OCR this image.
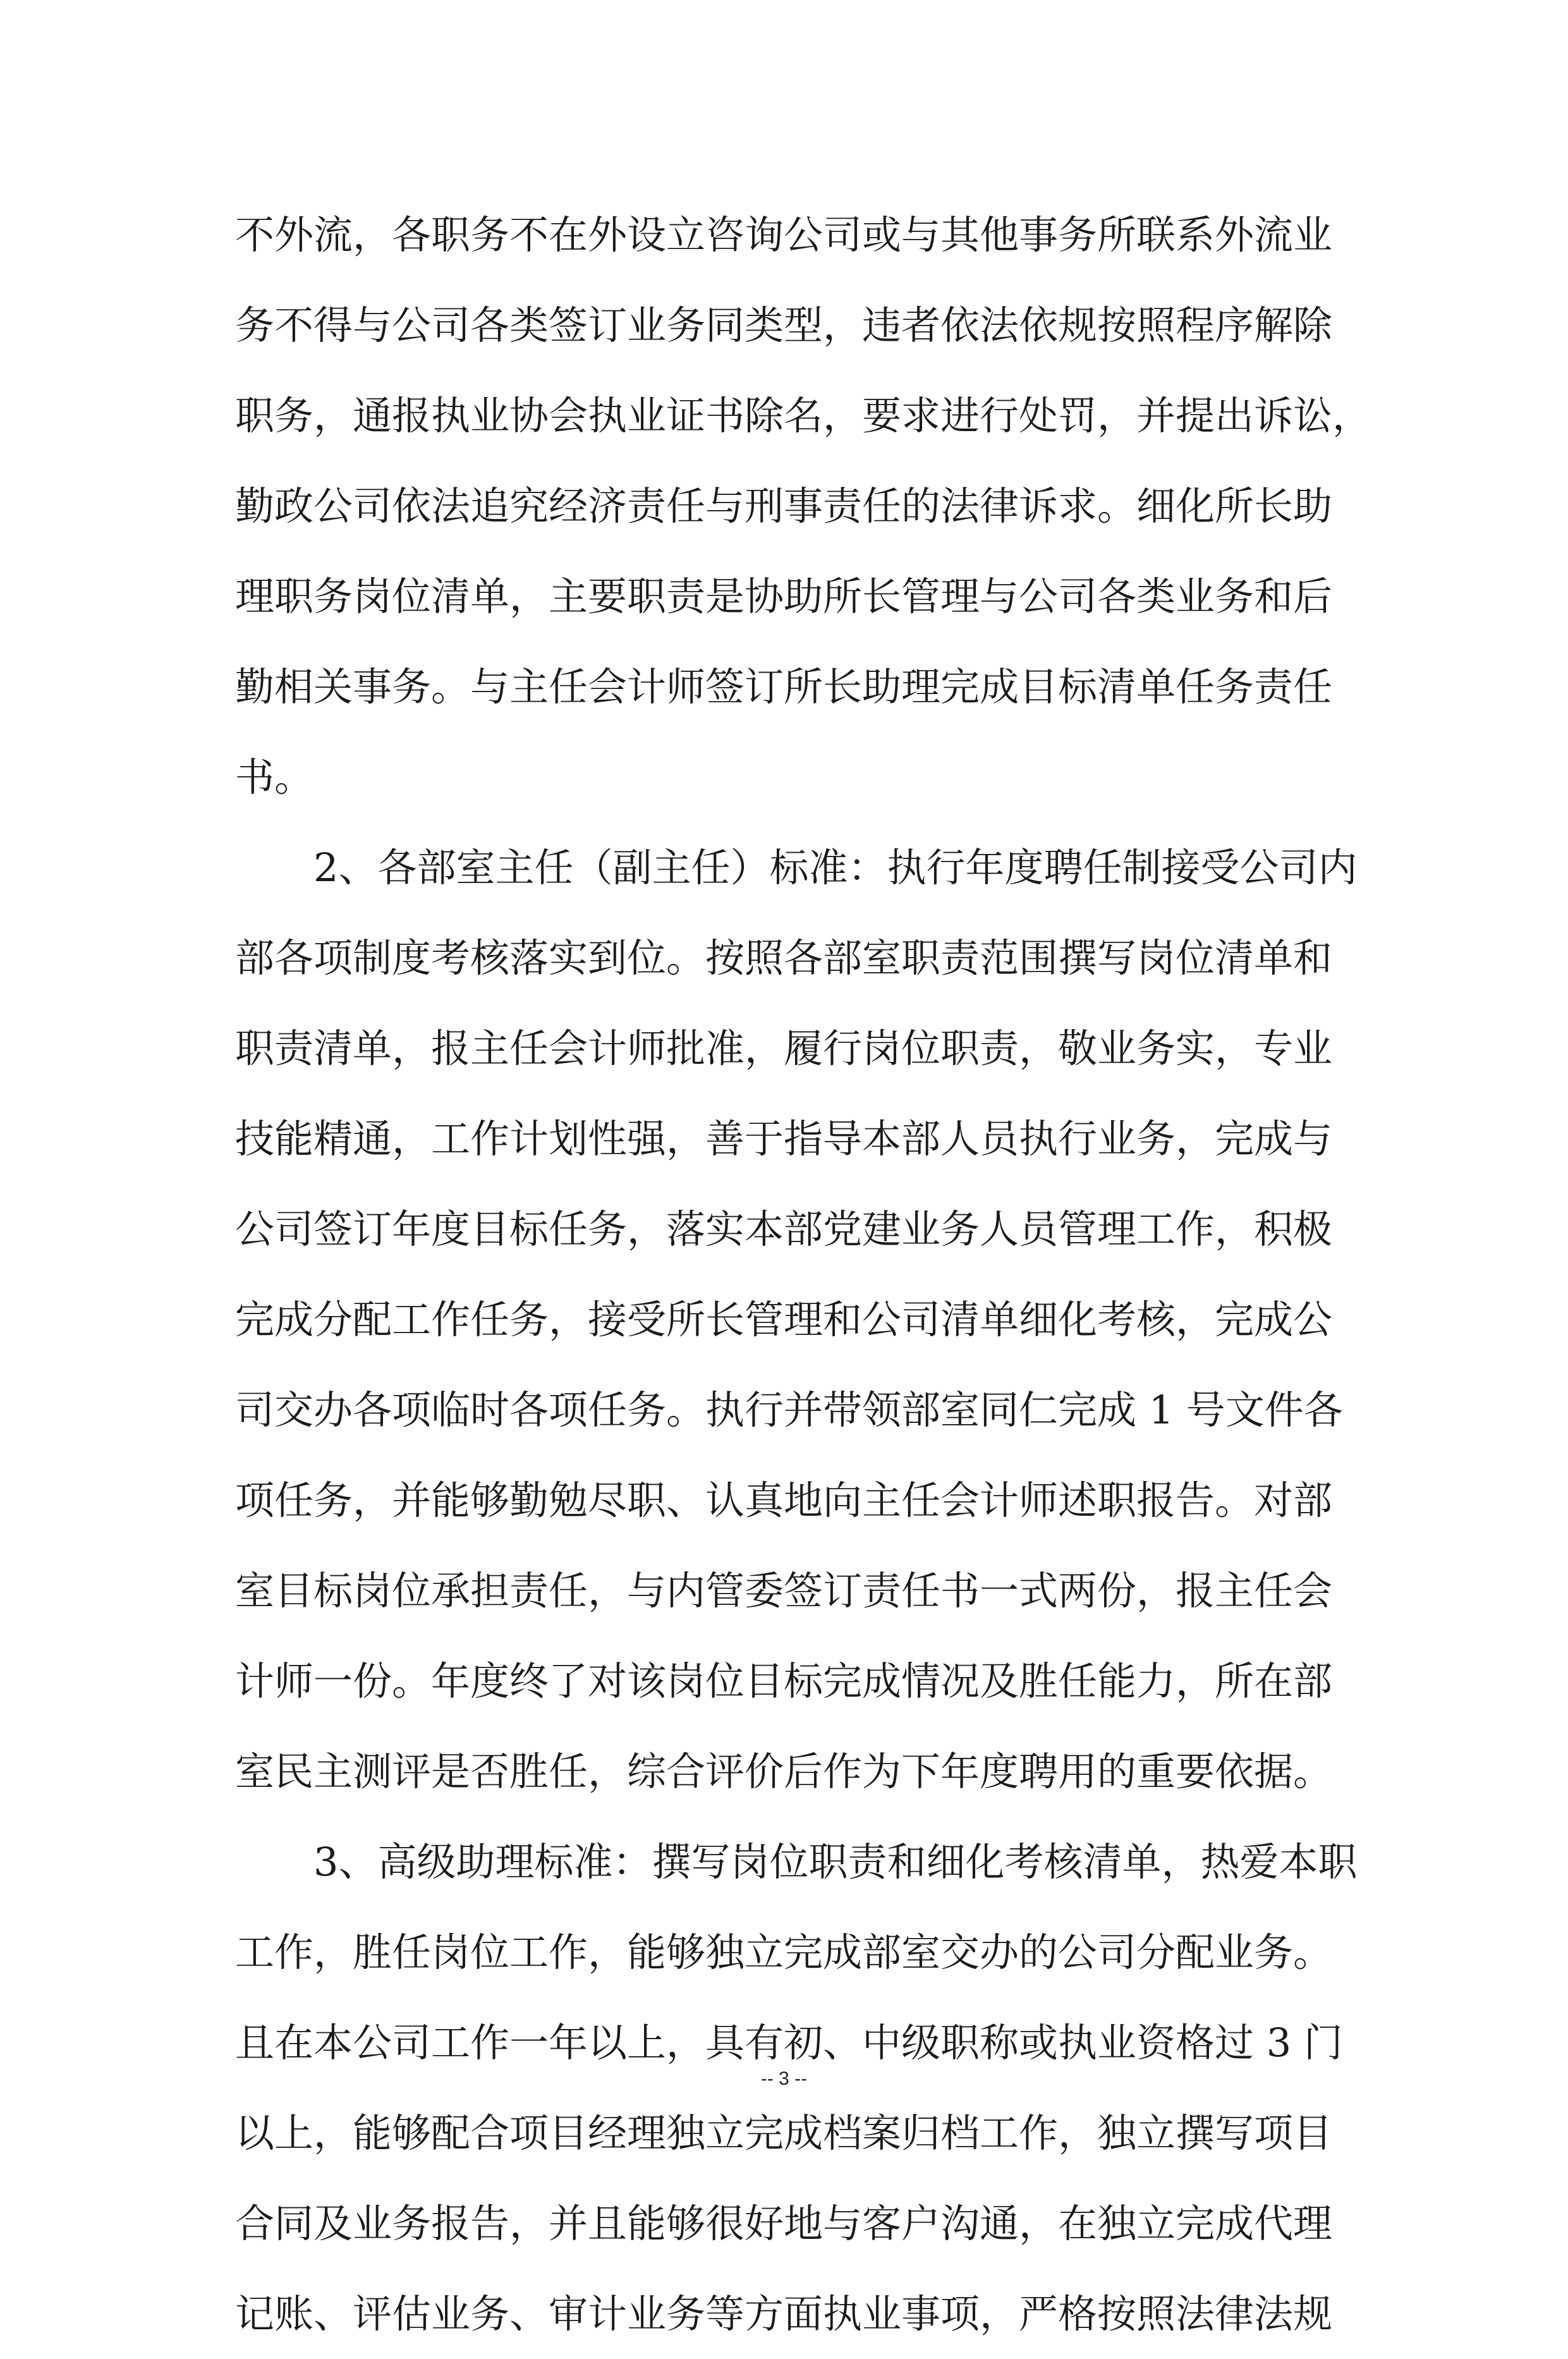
不外流，各职务不在外设立咨询公司或与其他事务所联系外流业
务不得与公司各类签订业务同类型，违者依法依规按照程序解除
职务，通报执业协会执业证书除名，要求进行处罚，并提出诉讼，
勤政公司依法追究经济责任与刑事责任的法律诉求。细化所长助
理职务岗位清单，主要职责是协助所长管理与公司各类业务和后
勤相关事务。与主任会计师签订所长助理完成目标清单任务责任
书。
　　2、各部室主任（副主任）标准：执行年度聘任制接受公司内
部各项制度考核落实到位。按照各部室职责范围撰写岗位清单和
职责清单，报主任会计师批准，履行岗位职责，敬业务实，专业
技能精通，工作计划性强，善于指导本部人员执行业务，完成与
公司签订年度目标任务，落实本部党建业务人员管理工作，积极
完成分配工作任务，接受所长管理和公司清单细化考核，完成公
司交办各项临时各项任务。执行并带领部室同仁完成 1 号文件各
项任务，并能够勤勉尽职、认真地向主任会计师述职报告。对部
室目标岗位承担责任，与内管委签订责任书一式两份，报主任会
计师一份。年度终了对该岗位目标完成情况及胜任能力，所在部
室民主测评是否胜任，综合评价后作为下年度聘用的重要依据。
　　3、高级助理标准：撰写岗位职责和细化考核清单，热爱本职
工作，胜任岗位工作，能够独立完成部室交办的公司分配业务。
且在本公司工作一年以上，具有初、中级职称或执业资格过 3 门
以上，能够配合项目经理独立完成档案归档工作，独立撰写项目
合同及业务报告，并且能够很好地与客户沟通，在独立完成代理
记账、评估业务、审计业务等方面执业事项，严格按照法律法规
-- 3 --
